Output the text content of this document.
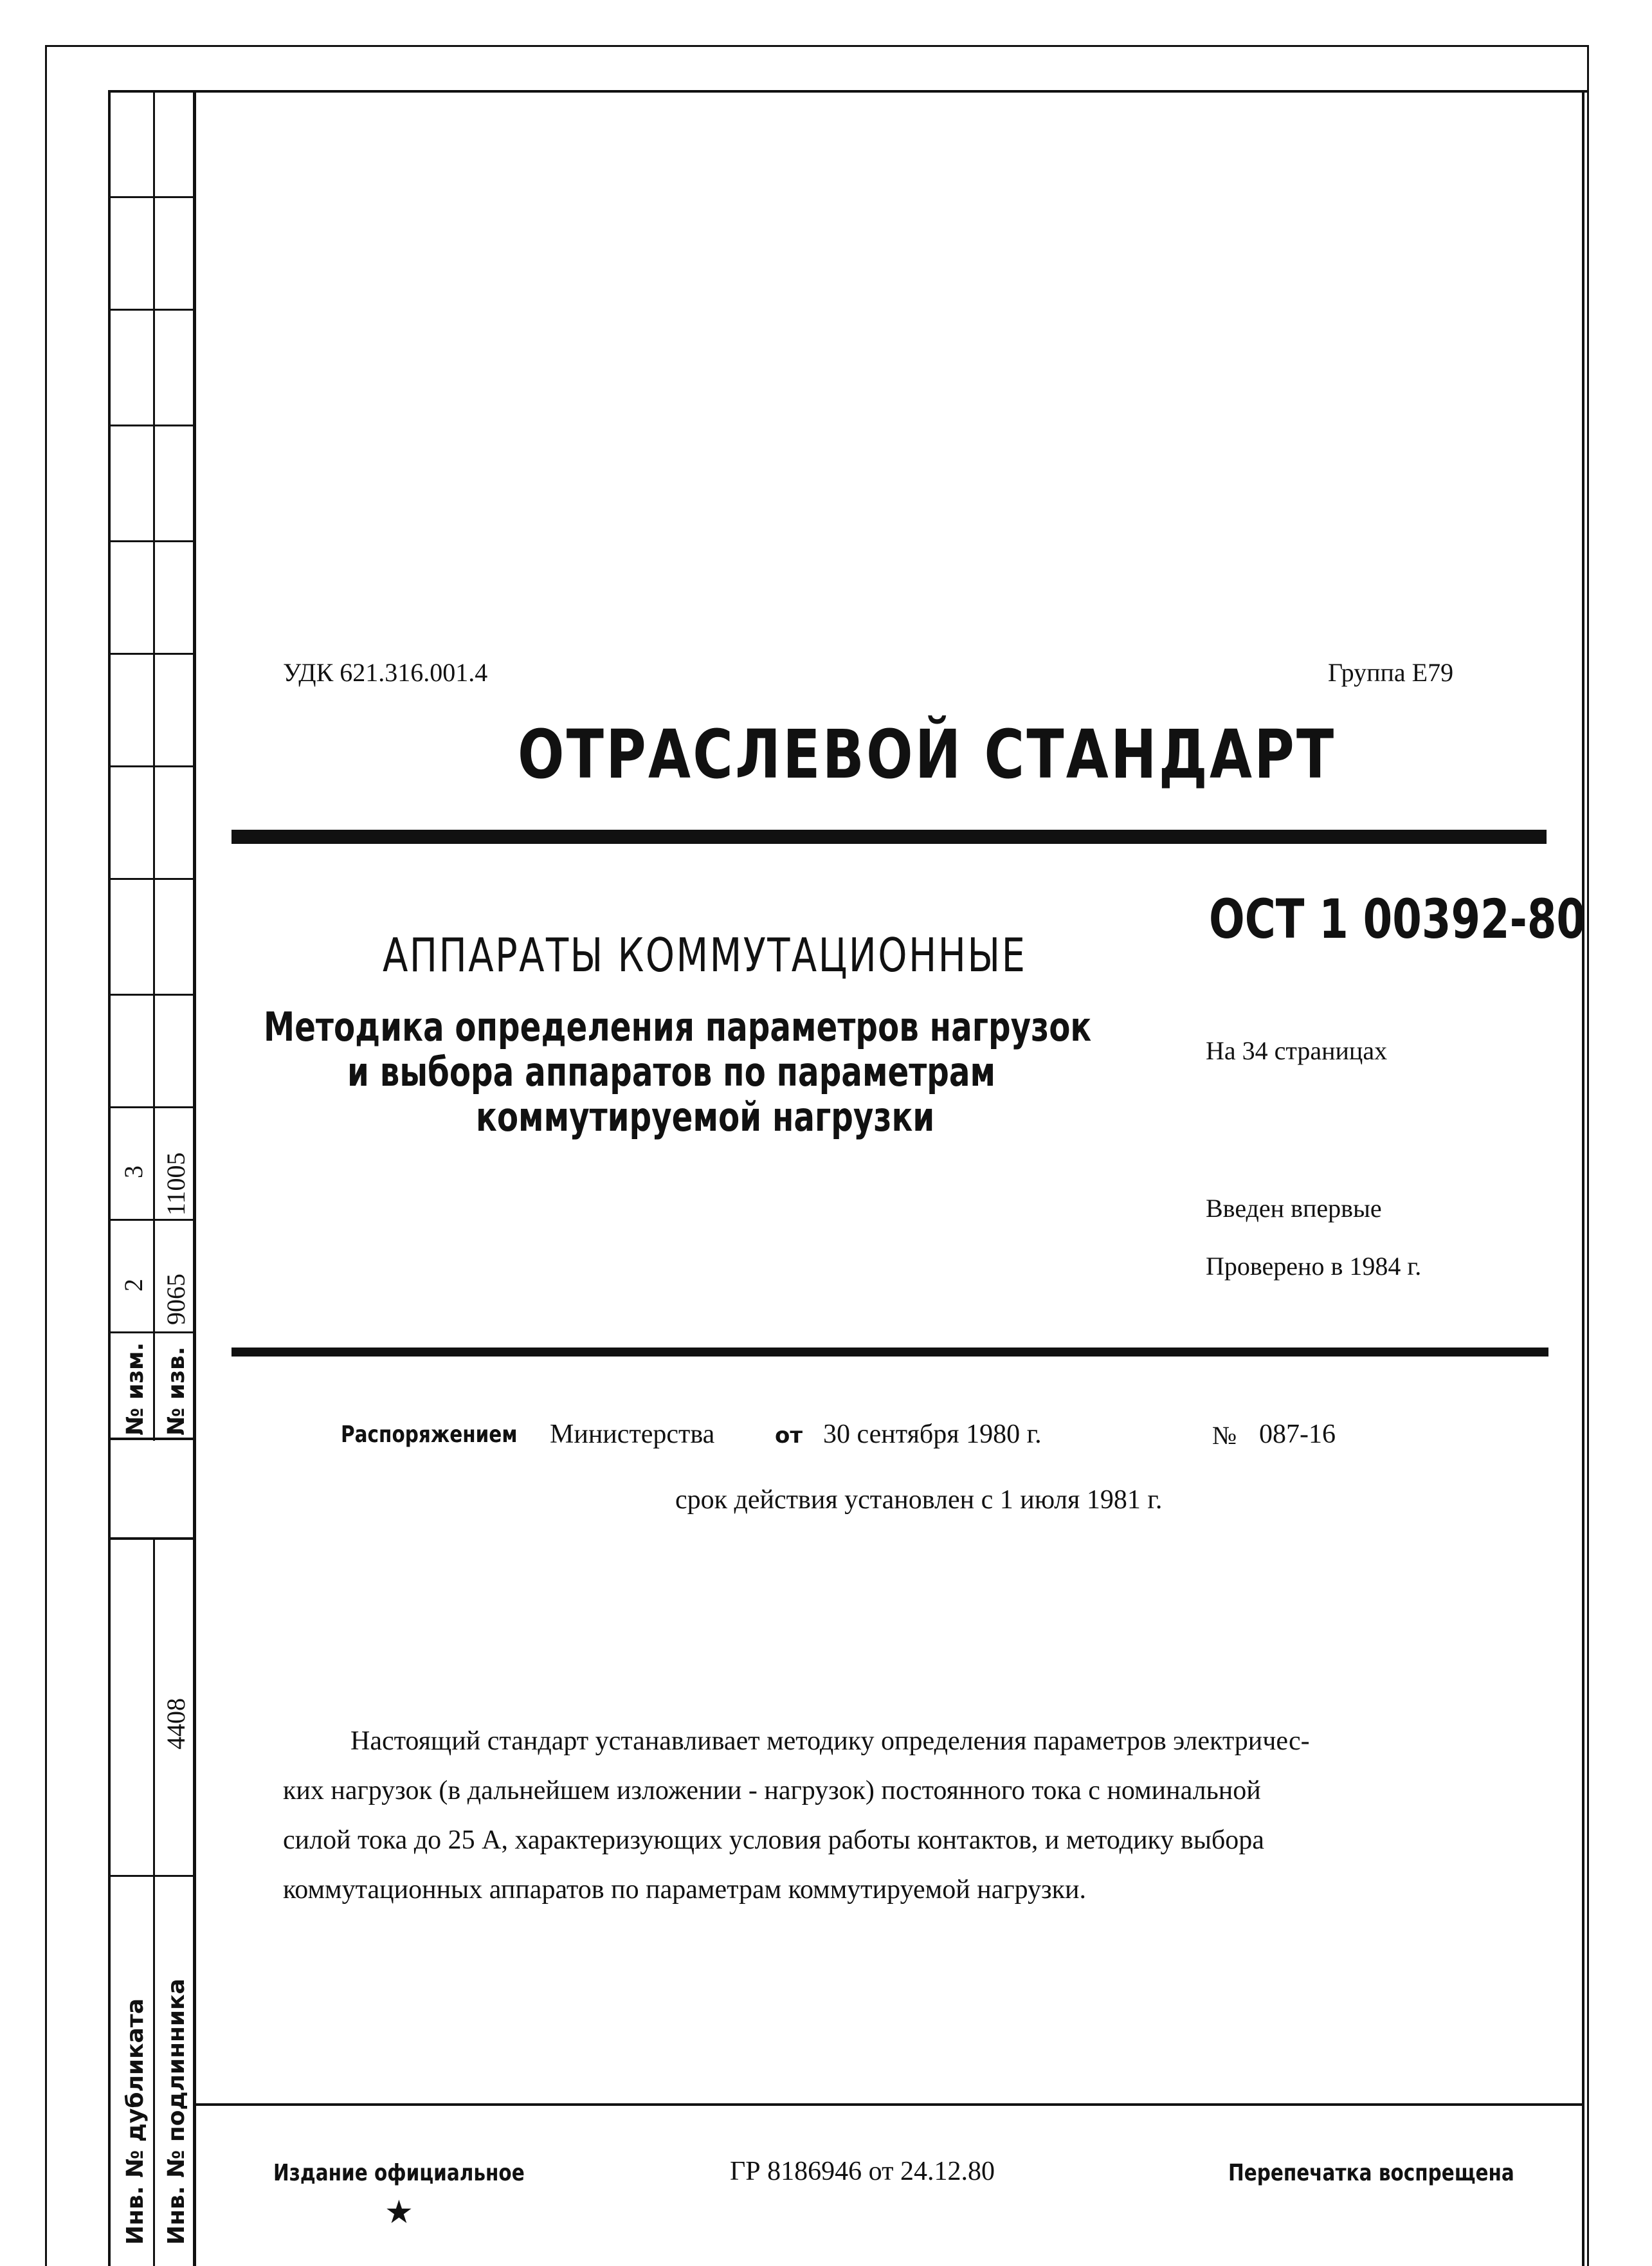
№ изм. № изв.
2 9065
3 11005
4408
Инв. № дубликата Инв. № подлинника
УДК 621.316.001.4	Группа Е79
ОТРАСЛЕВОЙ СТАНДАРТ
ОСТ 1 00392-80
АППАРАТЫ КОММУТАЦИОННЫЕ
Методика определения параметров нагрузок
и выбора аппаратов по параметрам
коммутируемой нагрузки
На 34 страницах
Введен впервые
Проверено в 1984 г.
Распоряжением Министерства	от 30 сентября 1980 г.	№ 087-16
срок действия установлен с 1 июля 1981 г.
Настоящий стандарт устанавливает методику определения параметров электричес-
ких нагрузок (в дальнейшем изложении - нагрузок) постоянного тока с номинальной
силой тока до 25 А, характеризующих условия работы контактов, и методику выбора
коммутационных аппаратов по параметрам коммутируемой нагрузки.
Издание официальное
★
ГР 8186946 от 24.12.80	Перепечатка воспрещена
